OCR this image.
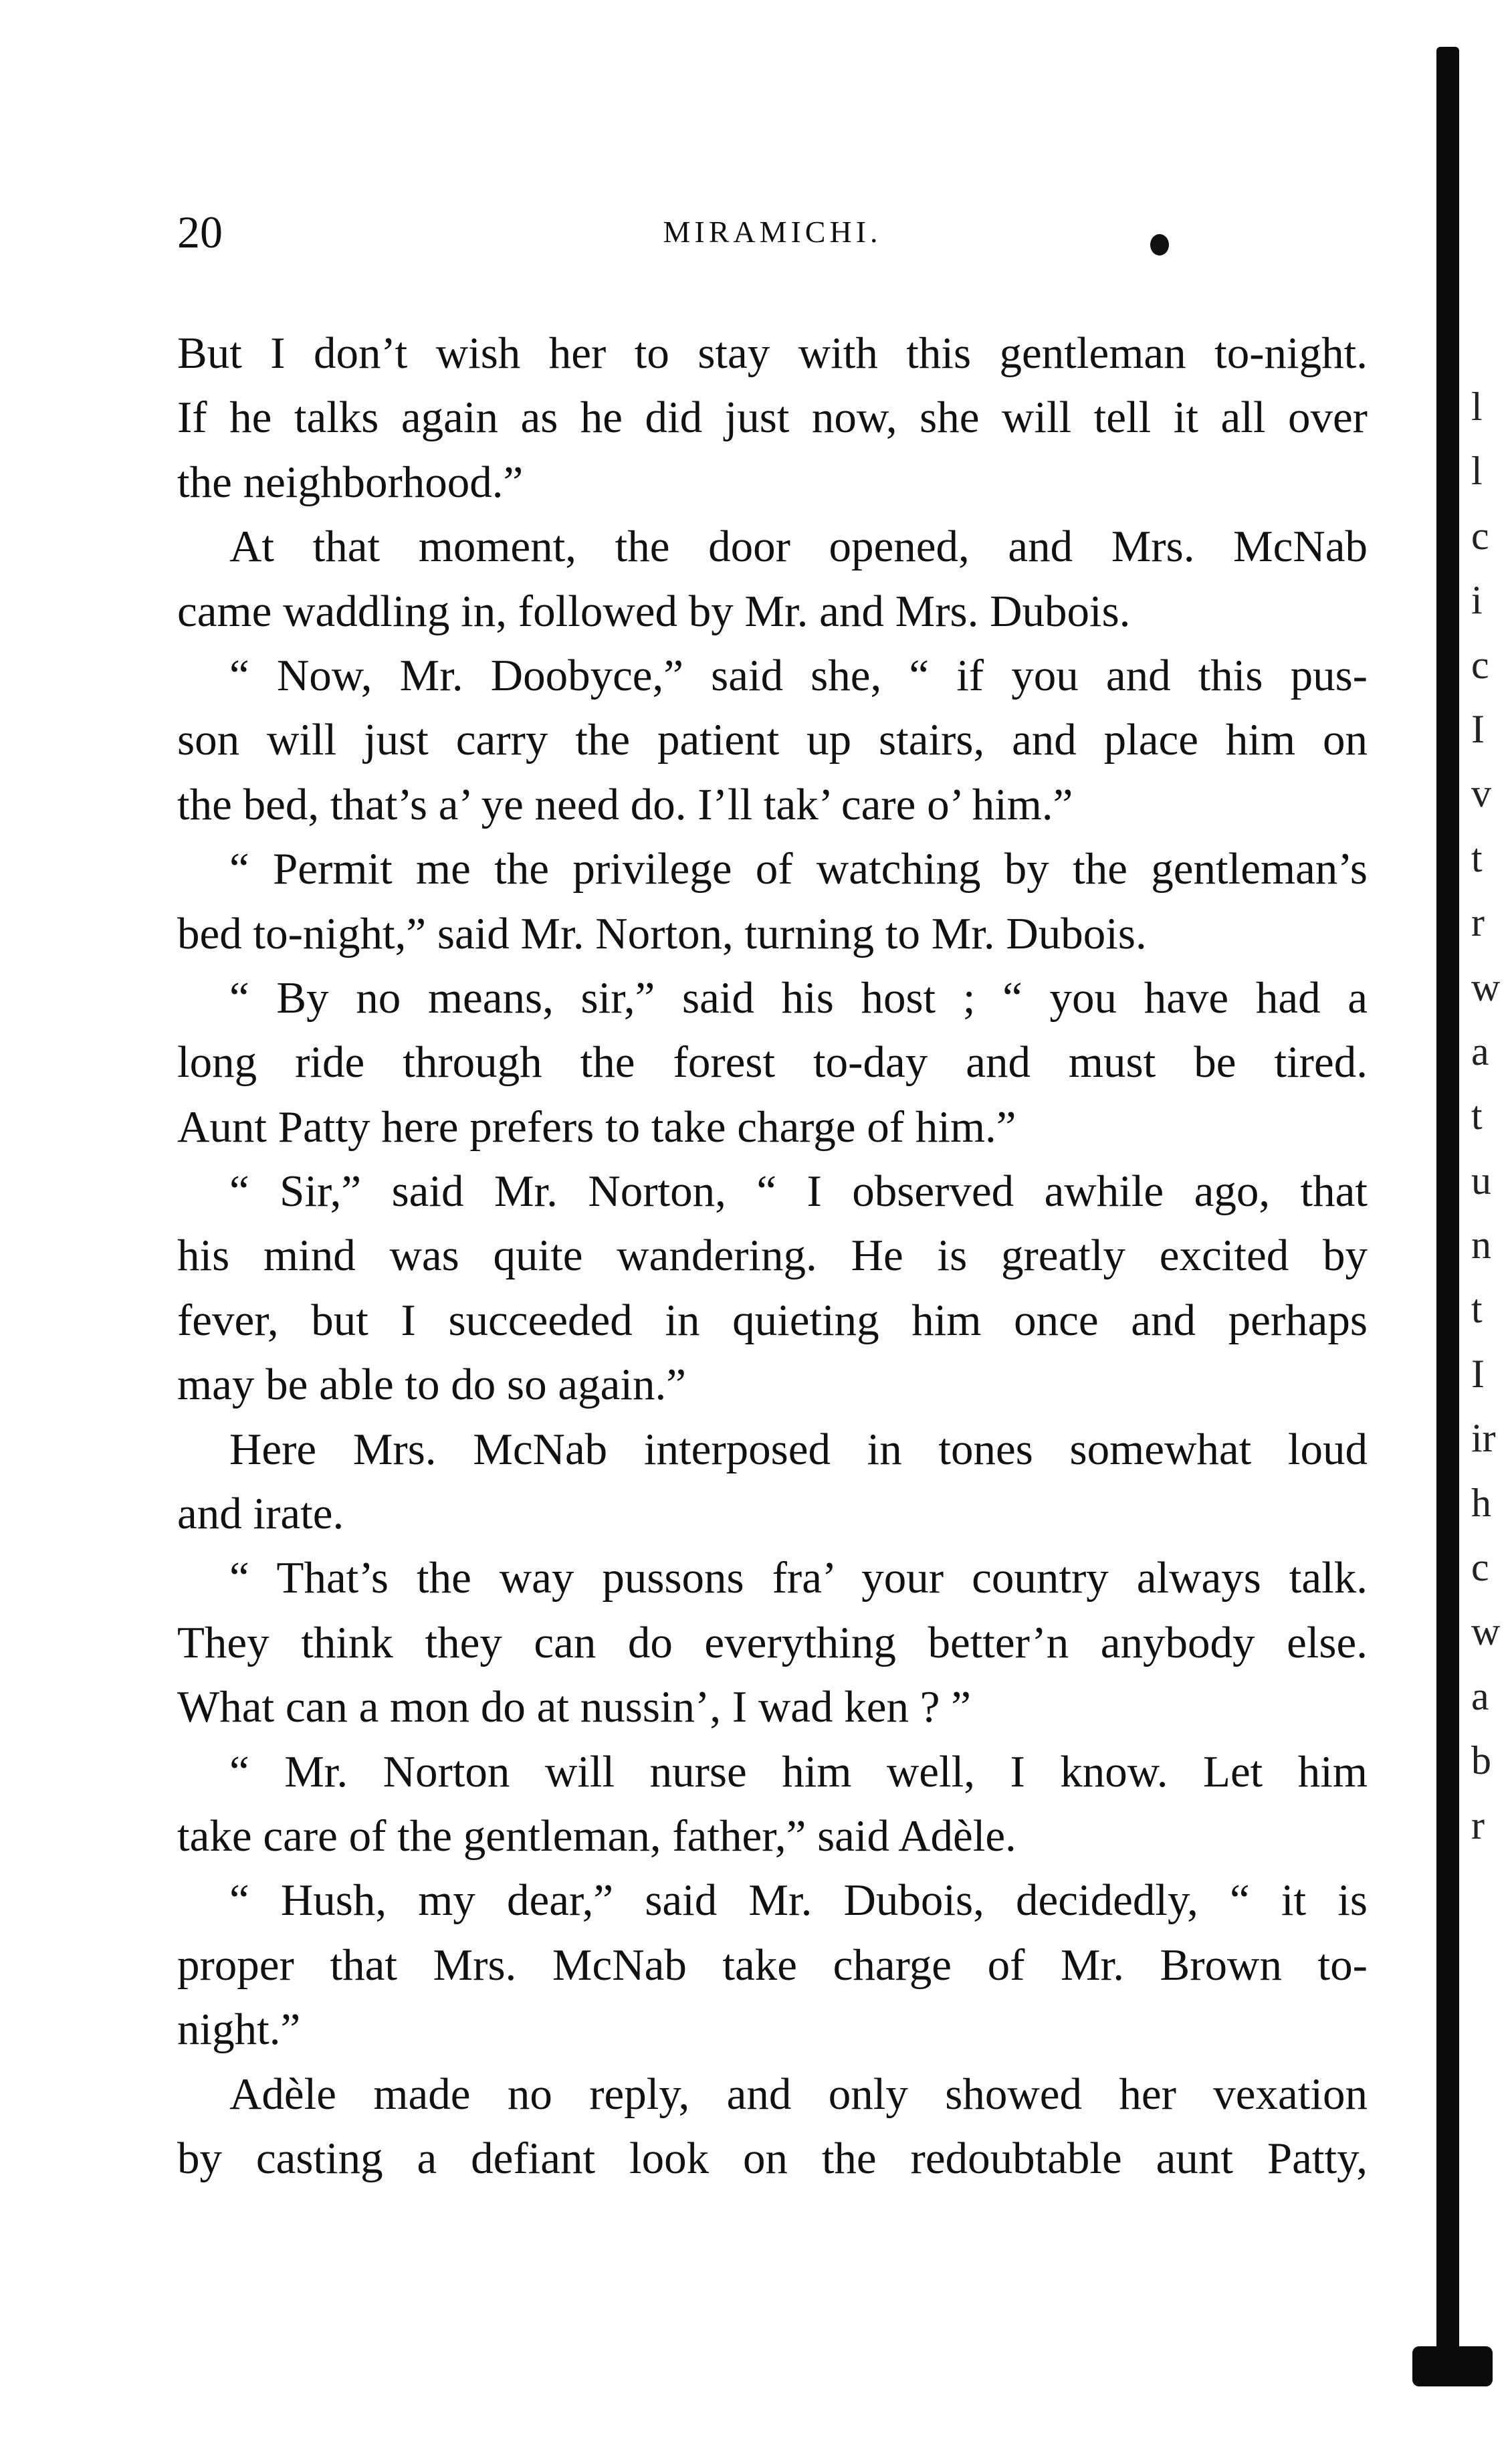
20	MIRAMICHI.
But I don’t wish her to stay with this gentleman to-night.
If he talks again as he did just now, she will tell it all over
the neighborhood.”
At that moment, the door opened, and Mrs. McNab
came waddling in, followed by Mr. and Mrs. Dubois.
“ Now, Mr. Doobyce,” said she, “ if you and this pus-
son will just carry the patient up stairs, and place him on
the bed, that’s a’ ye need do. I’ll tak’ care o’ him.”
“ Permit me the privilege of watching by the gentleman’s
bed to-night,” said Mr. Norton, turning to Mr. Dubois.
“ By no means, sir,” said his host ; “ you have had a
long ride through the forest to-day and must be tired.
Aunt Patty here prefers to take charge of him.”
“ Sir,” said Mr. Norton, “ I observed awhile ago, that
his mind was quite wandering. He is greatly excited by
fever, but I succeeded in quieting him once and perhaps
may be able to do so again.”
Here Mrs. McNab interposed in tones somewhat loud
and irate.
“ That’s the way pussons fra’ your country always talk.
They think they can do everything better’n anybody else.
What can a mon do at nussin’, I wad ken ? ”
“ Mr. Norton will nurse him well, I know. Let him
take care of the gentleman, father,” said Adèle.
“ Hush, my dear,” said Mr. Dubois, decidedly, “ it is
proper that Mrs. McNab take charge of Mr. Brown to-
night.”
Adèle made no reply, and only showed her vexation
by casting a defiant look on the redoubtable aunt Patty,
l
l
c
i
c
I
v
t
r
w
a
t
u
n
t
I
ir
h
c
w
a
b
r
